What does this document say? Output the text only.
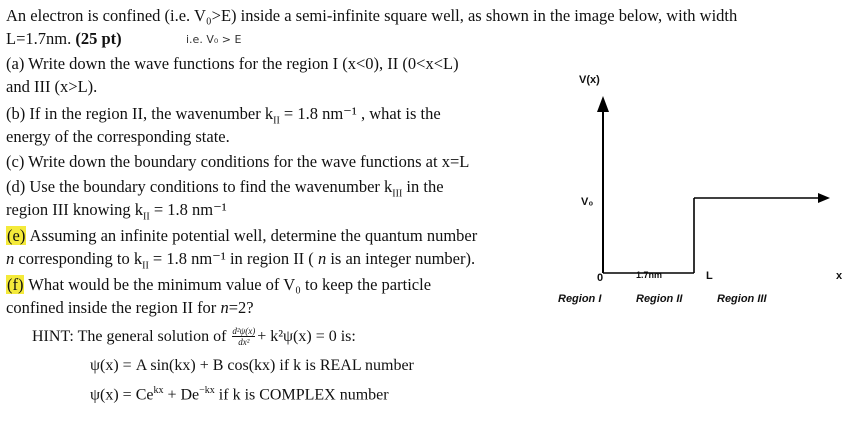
An electron is confined (i.e. V₀>E) inside a semi-infinite square well, as shown in the image below, with width
L=1.7nm. (25 pt)	i.e. V₀ > E
(a) Write down the wave functions for the region I (x<0), II (0<x<L)
and III (x>L).
(b) If in the region II, the wavenumber $k_{II} = 1.8$ nm⁻¹ , what is the
energy of the corresponding state.
(c) Write down the boundary conditions for the wave functions at x=L
(d) Use the boundary conditions to find the wavenumber $k_{III}$ in the
region III knowing $k_{II} = 1.8$ nm⁻¹
(e) Assuming an infinite potential well, determine the quantum number
n corresponding to $k_{II} = 1.8$ nm⁻¹ in region II ( n is an integer number).
(f) What would be the minimum value of V₀ to keep the particle
confined inside the region II for n=2?
HINT: The general solution of d²ψ(x)
dx² + k²ψ(x) = 0 is:
ψ(x) = A sin(kx) + B cos(kx) if k is REAL number
$\psi(x) = Ce^{kx} + De^{-kx}$ if k is COMPLEX number
V(x)
V₀
0	1.7nm	L	x
Region I	Region II	Region III
